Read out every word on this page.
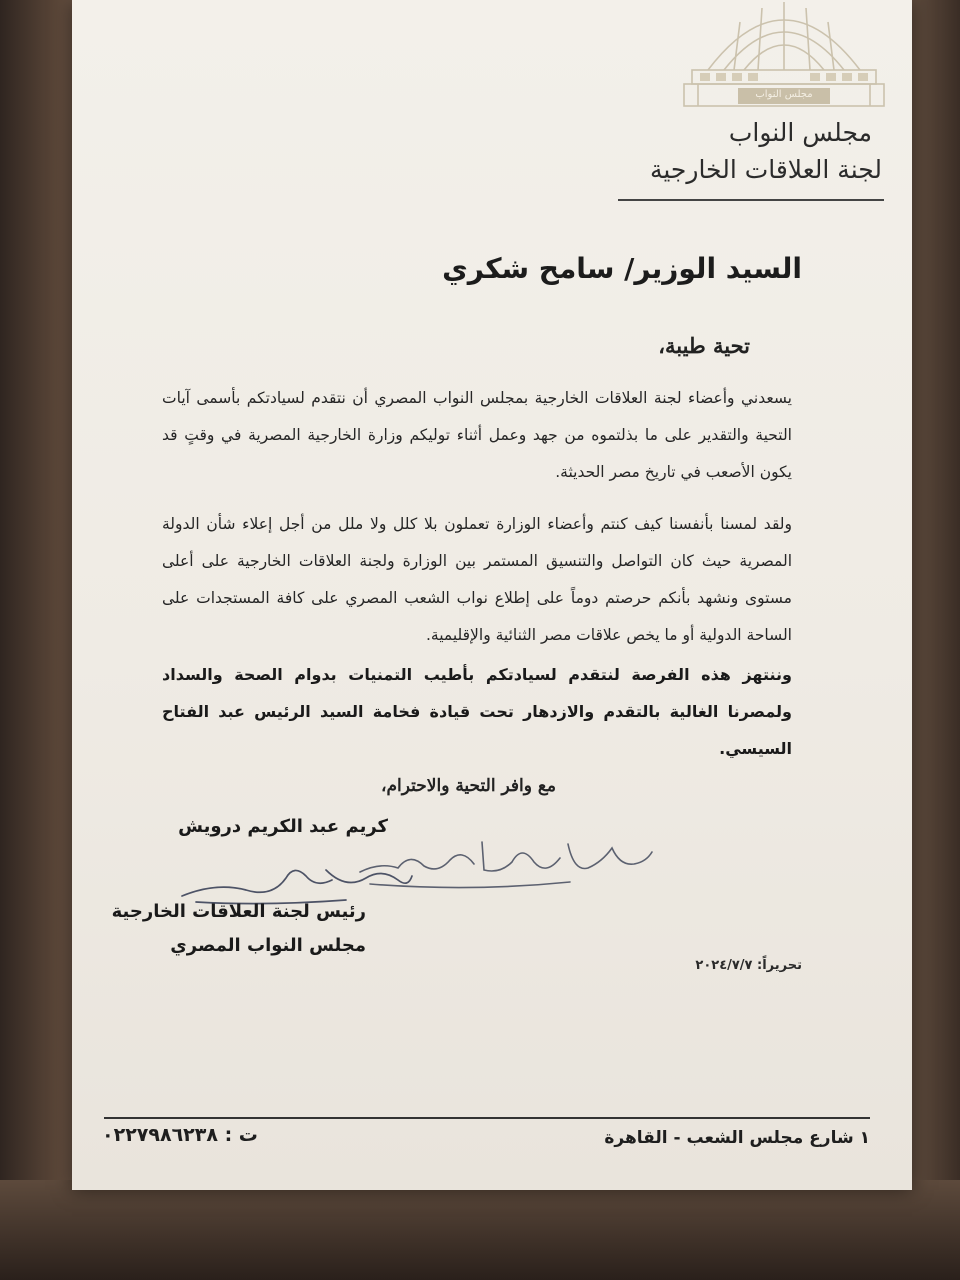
مجلس النواب
مجلس النواب
لجنة العلاقات الخارجية
السيد الوزير/ سامح شكري
تحية طيبة،
يسعدني وأعضاء لجنة العلاقات الخارجية بمجلس النواب المصري أن نتقدم لسيادتكم بأسمى آيات التحية والتقدير على ما بذلتموه من جهد وعمل أثناء توليكم وزارة الخارجية المصرية في وقتٍ قد يكون الأصعب في تاريخ مصر الحديثة.
ولقد لمسنا بأنفسنا كيف كنتم وأعضاء الوزارة تعملون بلا كلل ولا ملل من أجل إعلاء شأن الدولة المصرية حيث كان التواصل والتنسيق المستمر بين الوزارة ولجنة العلاقات الخارجية على أعلى مستوى ونشهد بأنكم حرصتم دوماً على إطلاع نواب الشعب المصري على كافة المستجدات على الساحة الدولية أو ما يخص علاقات مصر الثنائية والإقليمية.
وننتهز هذه الفرصة لنتقدم لسيادتكم بأطيب التمنيات بدوام الصحة والسداد ولمصرنا الغالية بالتقدم والازدهار تحت قيادة فخامة السيد الرئيس عبد الفتاح السيسي.
مع وافر التحية والاحترام،
كريم عبد الكريم درويش
رئيس لجنة العلاقات الخارجية
مجلس النواب المصري
تحريراً: ٢٠٢٤/٧/٧
١ شارع مجلس الشعب - القاهرة
ت : ٠٢٢٧٩٨٦٢٣٨
